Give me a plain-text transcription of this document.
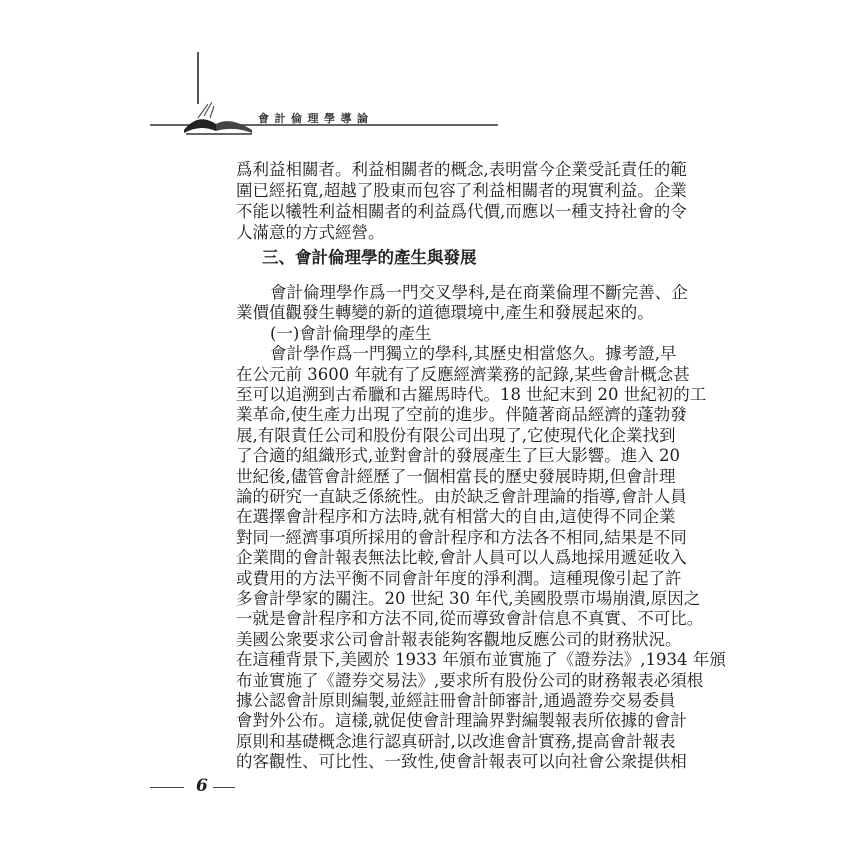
會計倫理學導論
爲利益相關者。利益相關者的概念,表明當今企業受託責任的範
圍已經拓寬,超越了股東而包容了利益相關者的現實利益。企業
不能以犧牲利益相關者的利益爲代價,而應以一種支持社會的令
人滿意的方式經營。
三、會計倫理學的產生與發展
會計倫理學作爲一門交叉學科,是在商業倫理不斷完善、企
業價值觀發生轉變的新的道德環境中,產生和發展起來的。
(一)會計倫理學的產生
會計學作爲一門獨立的學科,其歷史相當悠久。據考證,早
在公元前 3600 年就有了反應經濟業務的記錄,某些會計概念甚
至可以追溯到古希臘和古羅馬時代。18 世紀末到 20 世紀初的工
業革命,使生產力出現了空前的進步。伴隨著商品經濟的蓬勃發
展,有限責任公司和股份有限公司出現了,它使現代化企業找到
了合適的組織形式,並對會計的發展產生了巨大影響。進入 20
世紀後,儘管會計經歷了一個相當長的歷史發展時期,但會計理
論的研究一直缺乏係統性。由於缺乏會計理論的指導,會計人員
在選擇會計程序和方法時,就有相當大的自由,這使得不同企業
對同一經濟事項所採用的會計程序和方法各不相同,結果是不同
企業間的會計報表無法比較,會計人員可以人爲地採用遞延收入
或費用的方法平衡不同會計年度的淨利潤。這種現像引起了許
多會計學家的關注。20 世紀 30 年代,美國股票市場崩潰,原因之
一就是會計程序和方法不同,從而導致會計信息不真實、不可比。
美國公衆要求公司會計報表能夠客觀地反應公司的財務狀況。
在這種背景下,美國於 1933 年頒布並實施了《證券法》,1934 年頒
布並實施了《證券交易法》,要求所有股份公司的財務報表必須根
據公認會計原則編製,並經註冊會計師審計,通過證券交易委員
會對外公布。這樣,就促使會計理論界對編製報表所依據的會計
原則和基礎概念進行認真研討,以改進會計實務,提高會計報表
的客觀性、可比性、一致性,使會計報表可以向社會公衆提供相
6
